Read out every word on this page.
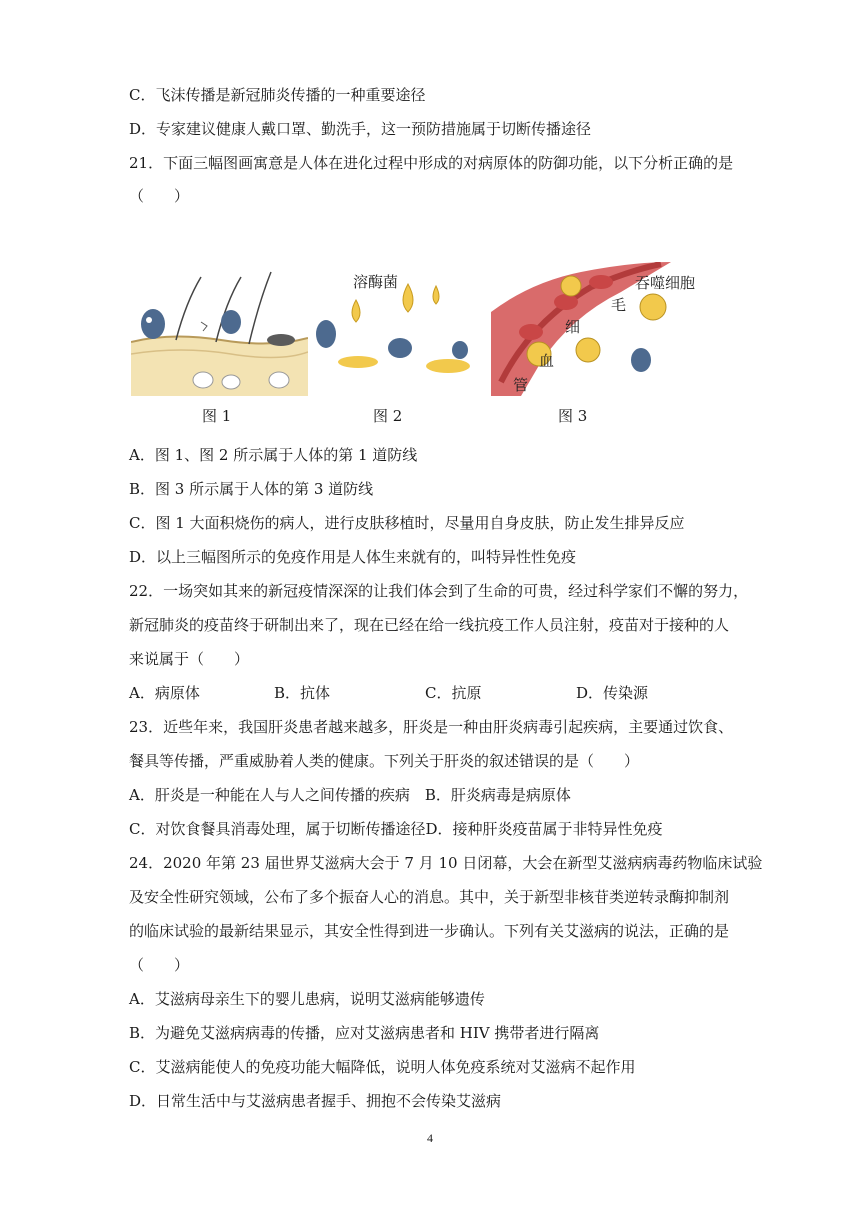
C．飞沫传播是新冠肺炎传播的一种重要途径
D．专家建议健康人戴口罩、勤洗手，这一预防措施属于切断传播途径
21．下面三幅图画寓意是人体在进化过程中形成的对病原体的防御功能，以下分析正确的是
（　　）
溶酶菌	吞噬细胞
毛
细
血
管
图 1	图 2	图 3
A．图 1、图 2 所示属于人体的第 1 道防线
B．图 3 所示属于人体的第 3 道防线
C．图 1 大面积烧伤的病人，进行皮肤移植时，尽量用自身皮肤，防止发生排异反应
D．以上三幅图所示的免疫作用是人体生来就有的，叫特异性性免疫
22．一场突如其来的新冠疫情深深的让我们体会到了生命的可贵，经过科学家们不懈的努力，
新冠肺炎的疫苗终于研制出来了，现在已经在给一线抗疫工作人员注射，疫苗对于接种的人
来说属于（　　）
A．病原体	B．抗体	C．抗原	D．传染源
23．近些年来，我国肝炎患者越来越多，肝炎是一种由肝炎病毒引起疾病，主要通过饮食、
餐具等传播，严重威胁着人类的健康。下列关于肝炎的叙述错误的是（　　）
A．肝炎是一种能在人与人之间传播的疾病　B．肝炎病毒是病原体
C．对饮食餐具消毒处理，属于切断传播途径D．接种肝炎疫苗属于非特异性免疫
24．2020 年第 23 届世界艾滋病大会于 7 月 10 日闭幕，大会在新型艾滋病病毒药物临床试验
及安全性研究领域，公布了多个振奋人心的消息。其中，关于新型非核苷类逆转录酶抑制剂
的临床试验的最新结果显示，其安全性得到进一步确认。下列有关艾滋病的说法，正确的是
（　　）
A．艾滋病母亲生下的婴儿患病，说明艾滋病能够遗传
B．为避免艾滋病病毒的传播，应对艾滋病患者和 HIV 携带者进行隔离
C．艾滋病能使人的免疫功能大幅降低，说明人体免疫系统对艾滋病不起作用
D．日常生活中与艾滋病患者握手、拥抱不会传染艾滋病
4
